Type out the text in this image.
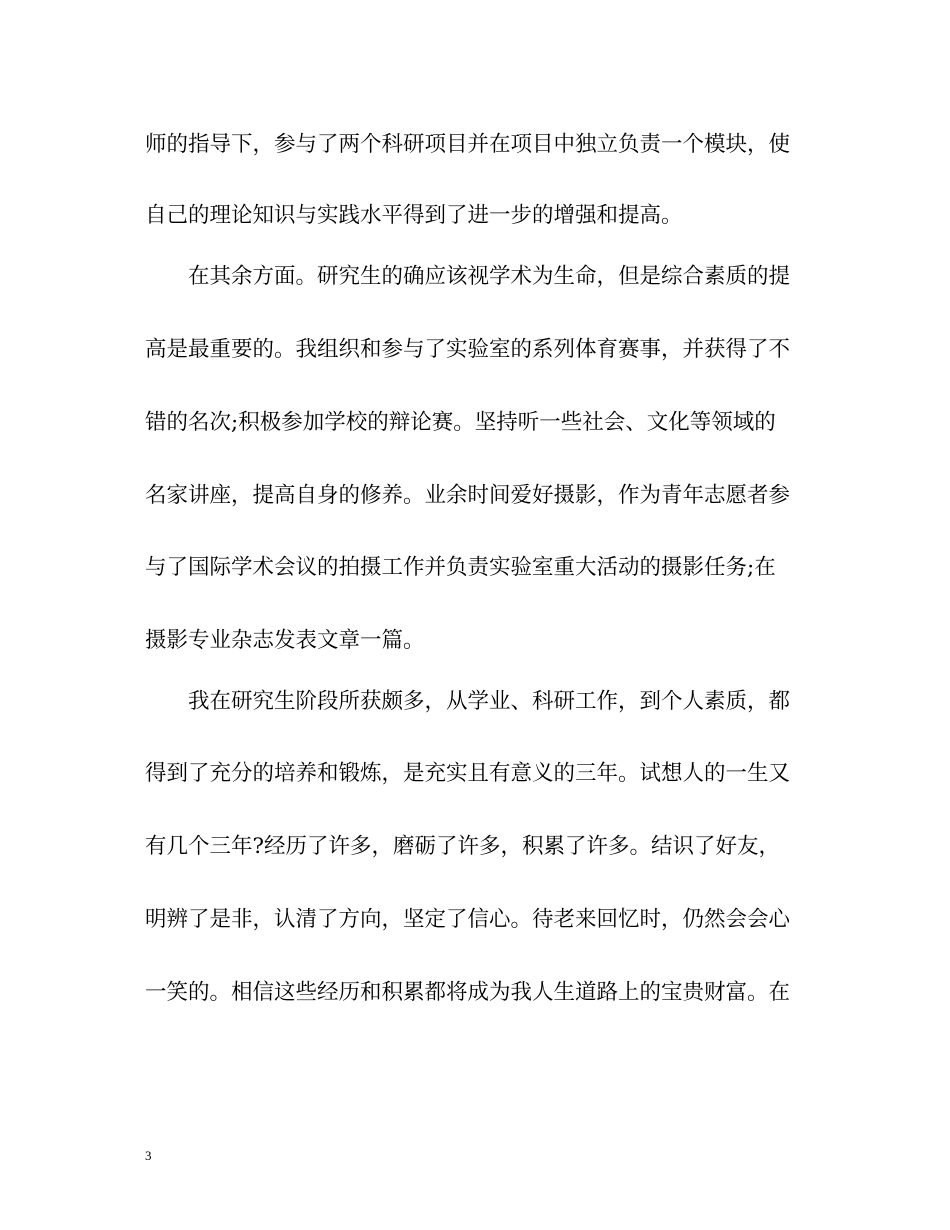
师的指导下，参与了两个科研项目并在项目中独立负责一个模块，使
自己的理论知识与实践水平得到了进一步的增强和提高。
　　在其余方面。研究生的确应该视学术为生命，但是综合素质的提
高是最重要的。我组织和参与了实验室的系列体育赛事，并获得了不
错的名次;积极参加学校的辩论赛。坚持听一些社会、文化等领域的
名家讲座，提高自身的修养。业余时间爱好摄影，作为青年志愿者参
与了国际学术会议的拍摄工作并负责实验室重大活动的摄影任务;在
摄影专业杂志发表文章一篇。
　　我在研究生阶段所获颇多，从学业、科研工作，到个人素质，都
得到了充分的培养和锻炼，是充实且有意义的三年。试想人的一生又
有几个三年?经历了许多，磨砺了许多，积累了许多。结识了好友，
明辨了是非，认清了方向，坚定了信心。待老来回忆时，仍然会会心
一笑的。相信这些经历和积累都将成为我人生道路上的宝贵财富。在
3
